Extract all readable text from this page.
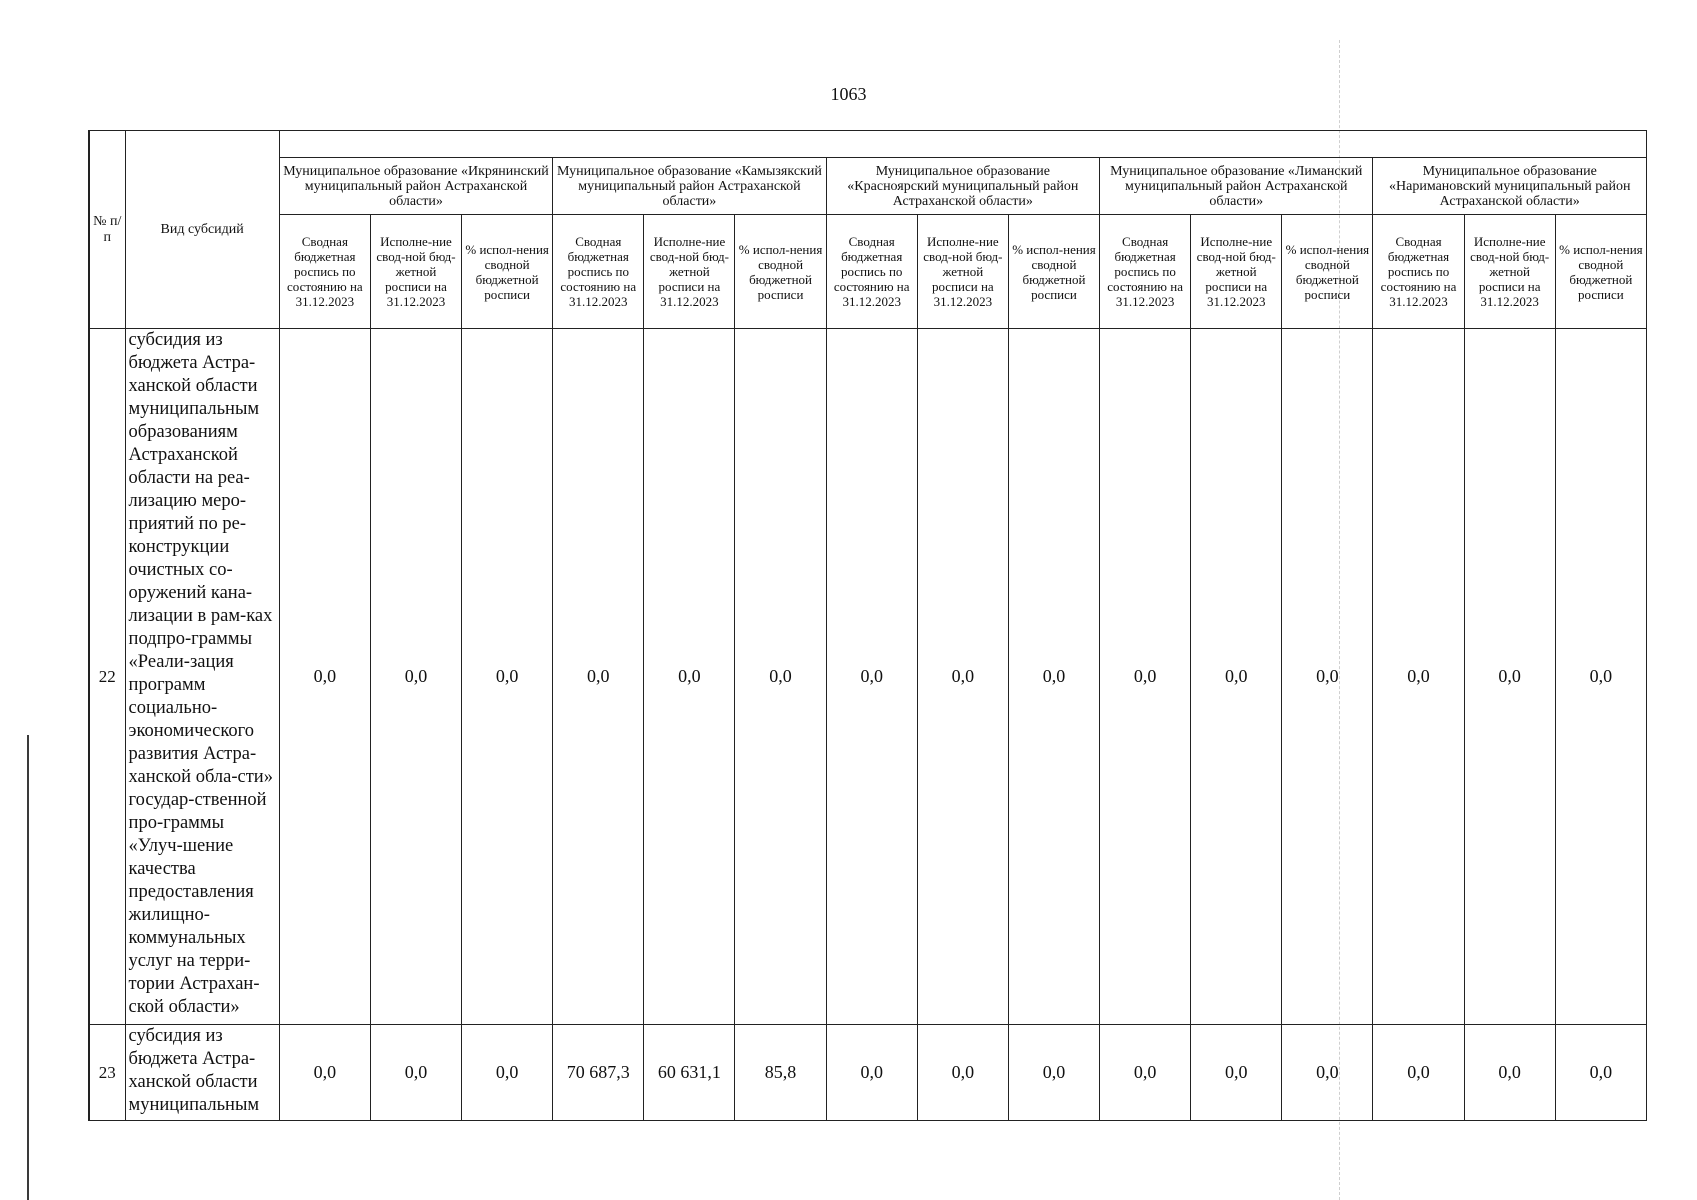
1063
№ п/п	Вид субсидий															
		Муниципальное образование «Икрянинский муниципальный район Астраханской области»			Муниципальное образование «Камызякский муниципальный район Астраханской области»			Муниципальное образование «Красноярский муниципальный район Астраханской области»			Муниципальное образование «Лиманский муниципальный район Астраханской области»			Муниципальное образование «Наримановский муниципальный район Астраханской области»		
		Сводная бюджетная роспись по состоянию на 31.12.2023	Исполне-ние свод-ной бюд-жетной росписи на 31.12.2023	% испол-нения сводной бюджетной росписи	Сводная бюджетная роспись по состоянию на 31.12.2023	Исполне-ние свод-ной бюд-жетной росписи на 31.12.2023	% испол-нения сводной бюджетной росписи	Сводная бюджетная роспись по состоянию на 31.12.2023	Исполне-ние свод-ной бюд-жетной росписи на 31.12.2023	% испол-нения сводной бюджетной росписи	Сводная бюджетная роспись по состоянию на 31.12.2023	Исполне-ние свод-ной бюд-жетной росписи на 31.12.2023	% испол-нения сводной бюджетной росписи	Сводная бюджетная роспись по состоянию на 31.12.2023	Исполне-ние свод-ной бюд-жетной росписи на 31.12.2023	% испол-нения сводной бюджетной росписи
22	субсидия из бюджета Астра-ханской области муниципальным образованиям Астраханской области на реа-лизацию меро-приятий по ре-конструкции очистных со-оружений кана-лизации в рам-ках подпро-граммы «Реали-зация программ социально-экономического развития Астра-ханской обла-сти» государ-ственной про-граммы «Улуч-шение качества предоставления жилищно-коммунальных услуг на терри-тории Астрахан-ской области»	0,0	0,0	0,0	0,0	0,0	0,0	0,0	0,0	0,0	0,0	0,0	0,0	0,0	0,0	0,0
23	субсидия из бюджета Астра-ханской области муниципальным	0,0	0,0	0,0	70 687,3	60 631,1	85,8	0,0	0,0	0,0	0,0	0,0	0,0	0,0	0,0	0,0
